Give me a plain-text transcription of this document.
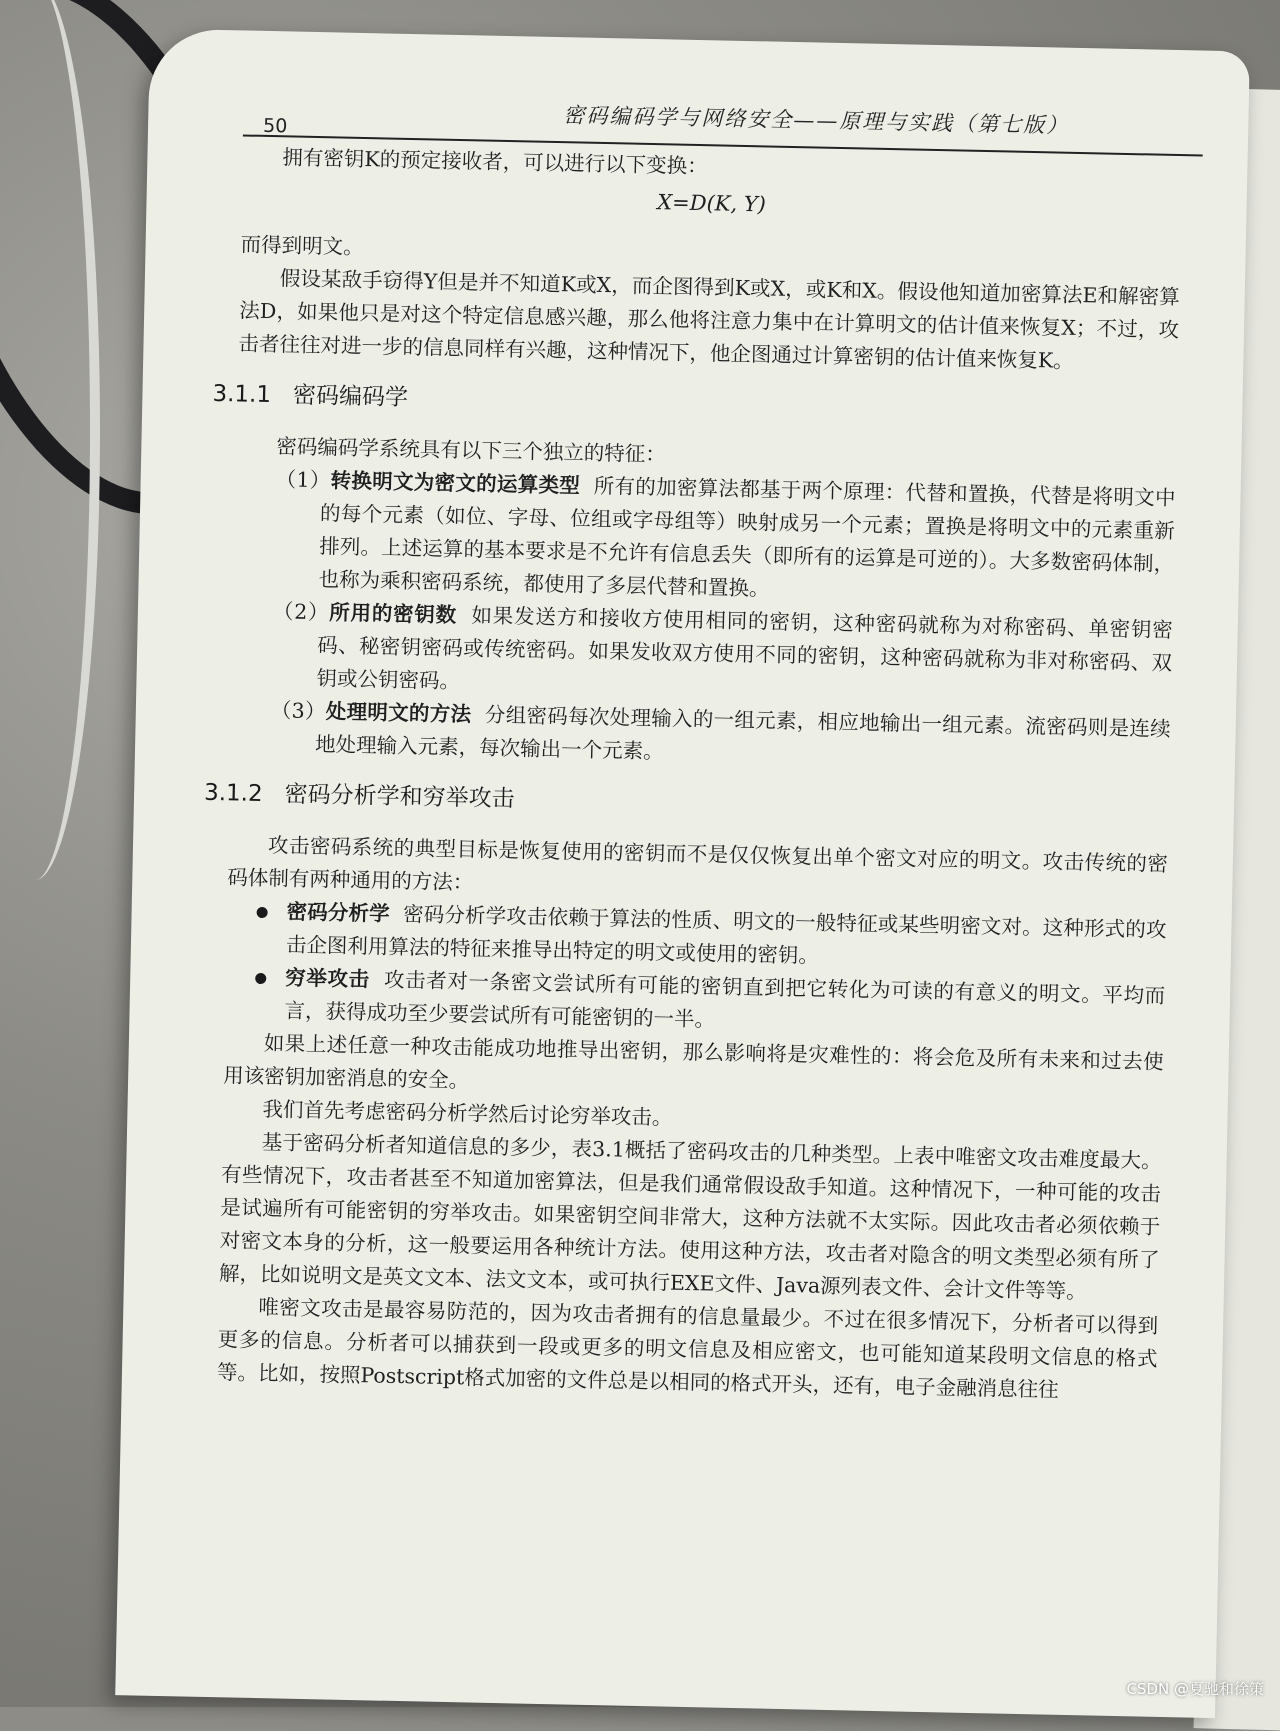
50	密码编码学与网络安全——原理与实践（第七版）

拥有密钥K的预定接收者，可以进行以下变换：

X=D(K, Y)

而得到明文。

假设某敌手窃得Y但是并不知道K或X，而企图得到K或X，或K和X。假设他知道加密算法E和解密算法D，如果他只是对这个特定信息感兴趣，那么他将注意力集中在计算明文的估计值来恢复X；不过，攻击者往往对进一步的信息同样有兴趣，这种情况下，他企图通过计算密钥的估计值来恢复K。

3.1.1 密码编码学

密码编码学系统具有以下三个独立的特征：

（1）转换明文为密文的运算类型 所有的加密算法都基于两个原理：代替和置换，代替是将明文中的每个元素（如位、字母、位组或字母组等）映射成另一个元素；置换是将明文中的元素重新排列。上述运算的基本要求是不允许有信息丢失（即所有的运算是可逆的）。大多数密码体制，也称为乘积密码系统，都使用了多层代替和置换。

（2）所用的密钥数 如果发送方和接收方使用相同的密钥，这种密码就称为对称密码、单密钥密码、秘密钥密码或传统密码。如果发收双方使用不同的密钥，这种密码就称为非对称密码、双钥或公钥密码。

（3）处理明文的方法 分组密码每次处理输入的一组元素，相应地输出一组元素。流密码则是连续地处理输入元素，每次输出一个元素。

3.1.2 密码分析学和穷举攻击

攻击密码系统的典型目标是恢复使用的密钥而不是仅仅恢复出单个密文对应的明文。攻击传统的密码体制有两种通用的方法：

密码分析学 密码分析学攻击依赖于算法的性质、明文的一般特征或某些明密文对。这种形式的攻击企图利用算法的特征来推导出特定的明文或使用的密钥。

穷举攻击 攻击者对一条密文尝试所有可能的密钥直到把它转化为可读的有意义的明文。平均而言，获得成功至少要尝试所有可能密钥的一半。

如果上述任意一种攻击能成功地推导出密钥，那么影响将是灾难性的：将会危及所有未来和过去使用该密钥加密消息的安全。

我们首先考虑密码分析学然后讨论穷举攻击。

基于密码分析者知道信息的多少，表3.1概括了密码攻击的几种类型。上表中唯密文攻击难度最大。有些情况下，攻击者甚至不知道加密算法，但是我们通常假设敌手知道。这种情况下，一种可能的攻击是试遍所有可能密钥的穷举攻击。如果密钥空间非常大，这种方法就不太实际。因此攻击者必须依赖于对密文本身的分析，这一般要运用各种统计方法。使用这种方法，攻击者对隐含的明文类型必须有所了解，比如说明文是英文文本、法文文本，或可执行EXE文件、Java源列表文件、会计文件等等。

唯密文攻击是最容易防范的，因为攻击者拥有的信息量最少。不过在很多情况下，分析者可以得到更多的信息。分析者可以捕获到一段或更多的明文信息及相应密文，也可能知道某段明文信息的格式等。比如，按照Postscript格式加密的文件总是以相同的格式开头，还有，电子金融消息往往

CSDN @夏驰和徐策
